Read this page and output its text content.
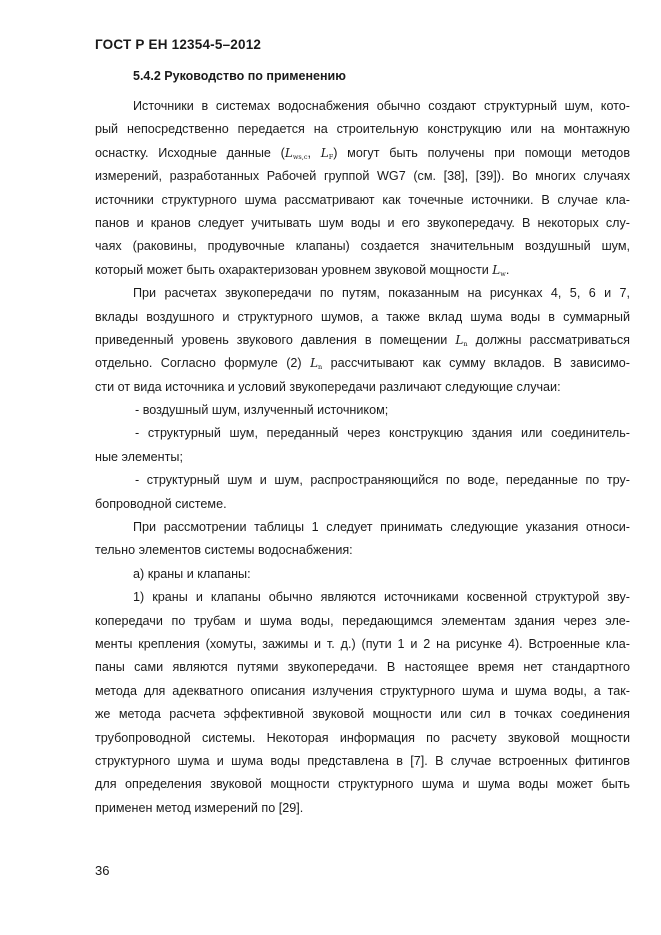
ГОСТ Р ЕН 12354-5–2012
5.4.2 Руководство по применению
Источники в системах водоснабжения обычно создают структурный шум, кото-
рый непосредственно передается на строительную конструкцию или на монтажную
оснастку. Исходные данные ($L_{ws,c}$, $L_F$) могут быть получены при помощи методов
измерений, разработанных Рабочей группой WG7 (см. [38], [39]). Во многих случаях
источники структурного шума рассматривают как точечные источники. В случае кла-
панов и кранов следует учитывать шум воды и его звукопередачу. В некоторых слу-
чаях (раковины, продувочные клапаны) создается значительным воздушный шум,
который может быть охарактеризован уровнем звуковой мощности $L_w$.
При расчетах звукопередачи по путям, показанным на рисунках 4, 5, 6 и 7,
вклады воздушного и структурного шумов, а также вклад шума воды в суммарный
приведенный уровень звукового давления в помещении $L_n$ должны рассматриваться
отдельно. Согласно формуле (2) $L_n$ рассчитывают как сумму вкладов. В зависимо-
сти от вида источника и условий звукопередачи различают следующие случаи:
- воздушный шум, излученный источником;
- структурный шум, переданный через конструкцию здания или соединитель-
ные элементы;
- структурный шум и шум, распространяющийся по воде, переданные по тру-
бопроводной системе.
При рассмотрении таблицы 1 следует принимать следующие указания относи-
тельно элементов системы водоснабжения:
а) краны и клапаны:
1) краны и клапаны обычно являются источниками косвенной структурой зву-
копередачи по трубам и шума воды, передающимся элементам здания через эле-
менты крепления (хомуты, зажимы и т. д.) (пути 1 и 2 на рисунке 4). Встроенные кла-
паны сами являются путями звукопередачи. В настоящее время нет стандартного
метода для адекватного описания излучения структурного шума и шума воды, а так-
же метода расчета эффективной звуковой мощности или сил в точках соединения
трубопроводной системы. Некоторая информация по расчету звуковой мощности
структурного шума и шума воды представлена в [7]. В случае встроенных фитингов
для определения звуковой мощности структурного шума и шума воды может быть
применен метод измерений по [29].
36
